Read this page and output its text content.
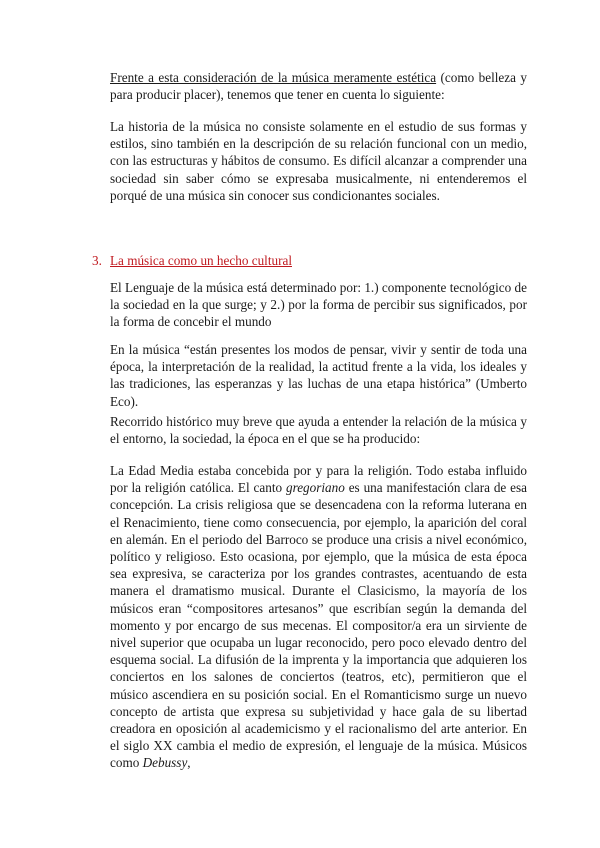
Frente a esta consideración de la música meramente estética (como belleza y para producir placer), tenemos que tener en cuenta lo siguiente:

La historia de la música no consiste solamente en el estudio de sus formas y estilos, sino también en la descripción de su relación funcional con un medio, con las estructuras y hábitos de consumo. Es difícil alcanzar a comprender una sociedad sin saber cómo se expresaba musicalmente, ni entenderemos el porqué de una música sin conocer sus condicionantes sociales.

3. La música como un hecho cultural

El Lenguaje de la música está determinado por: 1.) componente tecnológico de la sociedad en la que surge; y 2.) por la forma de percibir sus significados, por la forma de concebir el mundo

En la música “están presentes los modos de pensar, vivir y sentir de toda una época, la interpretación de la realidad, la actitud frente a la vida, los ideales y las tradiciones, las esperanzas y las luchas de una etapa histórica” (Umberto Eco).

Recorrido histórico muy breve que ayuda a entender la relación de la música y el entorno, la sociedad, la época en el que se ha producido:

La Edad Media estaba concebida por y para la religión. Todo estaba influido por la religión católica. El canto gregoriano es una manifestación clara de esa concepción. La crisis religiosa que se desencadena con la reforma luterana en el Renacimiento, tiene como consecuencia, por ejemplo, la aparición del coral en alemán. En el periodo del Barroco se produce una crisis a nivel económico, político y religioso. Esto ocasiona, por ejemplo, que la música de esta época sea expresiva, se caracteriza por los grandes contrastes, acentuando de esta manera el dramatismo musical. Durante el Clasicismo, la mayoría de los músicos eran “compositores artesanos” que escribían según la demanda del momento y por encargo de sus mecenas. El compositor/a era un sirviente de nivel superior que ocupaba un lugar reconocido, pero poco elevado dentro del esquema social. La difusión de la imprenta y la importancia que adquieren los conciertos en los salones de conciertos (teatros, etc), permitieron que el músico ascendiera en su posición social. En el Romanticismo surge un nuevo concepto de artista que expresa su subjetividad y hace gala de su libertad creadora en oposición al academicismo y el racionalismo del arte anterior. En el siglo XX cambia el medio de expresión, el lenguaje de la música. Músicos como Debussy,
